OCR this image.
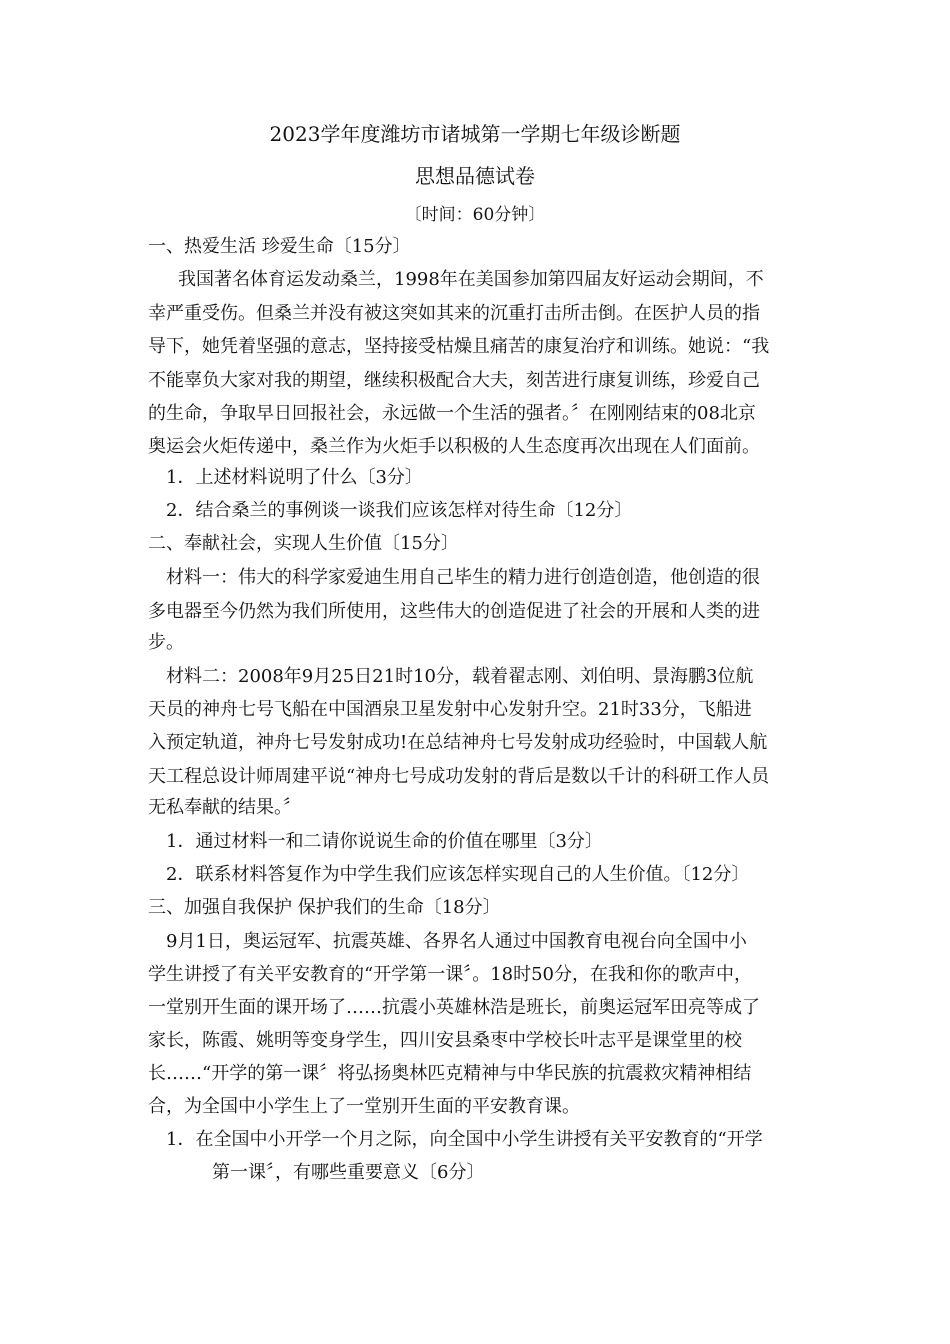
2023学年度潍坊市诸城第一学期七年级诊断题
思想品德试卷
〔时间：60分钟〕
一、热爱生活 珍爱生命〔15分〕
我国著名体育运发动桑兰，1998年在美国参加第四届友好运动会期间，不
幸严重受伤。但桑兰并没有被这突如其来的沉重打击所击倒。在医护人员的指
导下，她凭着坚强的意志，坚持接受枯燥且痛苦的康复治疗和训练。她说：“我
不能辜负大家对我的期望，继续积极配合大夫，刻苦进行康复训练，珍爱自己
的生命，争取早日回报社会，永远做一个生活的强者。〞在刚刚结束的08北京
奥运会火炬传递中，桑兰作为火炬手以积极的人生态度再次出现在人们面前。
1．上述材料说明了什么〔3分〕
2．结合桑兰的事例谈一谈我们应该怎样对待生命〔12分〕
二、奉献社会，实现人生价值〔15分〕
材料一：伟大的科学家爱迪生用自己毕生的精力进行创造创造，他创造的很
多电器至今仍然为我们所使用，这些伟大的创造促进了社会的开展和人类的进
步。
材料二：2008年9月25日21时10分，载着翟志刚、刘伯明、景海鹏3位航
天员的神舟七号飞船在中国酒泉卫星发射中心发射升空。21时33分，飞船进
入预定轨道，神舟七号发射成功!在总结神舟七号发射成功经验时，中国载人航
天工程总设计师周建平说“神舟七号成功发射的背后是数以千计的科研工作人员
无私奉献的结果。〞
1．通过材料一和二请你说说生命的价值在哪里〔3分〕
2．联系材料答复作为中学生我们应该怎样实现自己的人生价值。〔12分〕
三、加强自我保护 保护我们的生命〔18分〕
9月1日，奥运冠军、抗震英雄、各界名人通过中国教育电视台向全国中小
学生讲授了有关平安教育的“开学第一课〞。18时50分，在我和你的歌声中，
一堂别开生面的课开场了……抗震小英雄林浩是班长，前奥运冠军田亮等成了
家长，陈霞、姚明等变身学生，四川安县桑枣中学校长叶志平是课堂里的校
长……“开学的第一课〞将弘扬奥林匹克精神与中华民族的抗震救灾精神相结
合，为全国中小学生上了一堂别开生面的平安教育课。
1．在全国中小开学一个月之际，向全国中小学生讲授有关平安教育的“开学
第一课〞，有哪些重要意义〔6分〕
